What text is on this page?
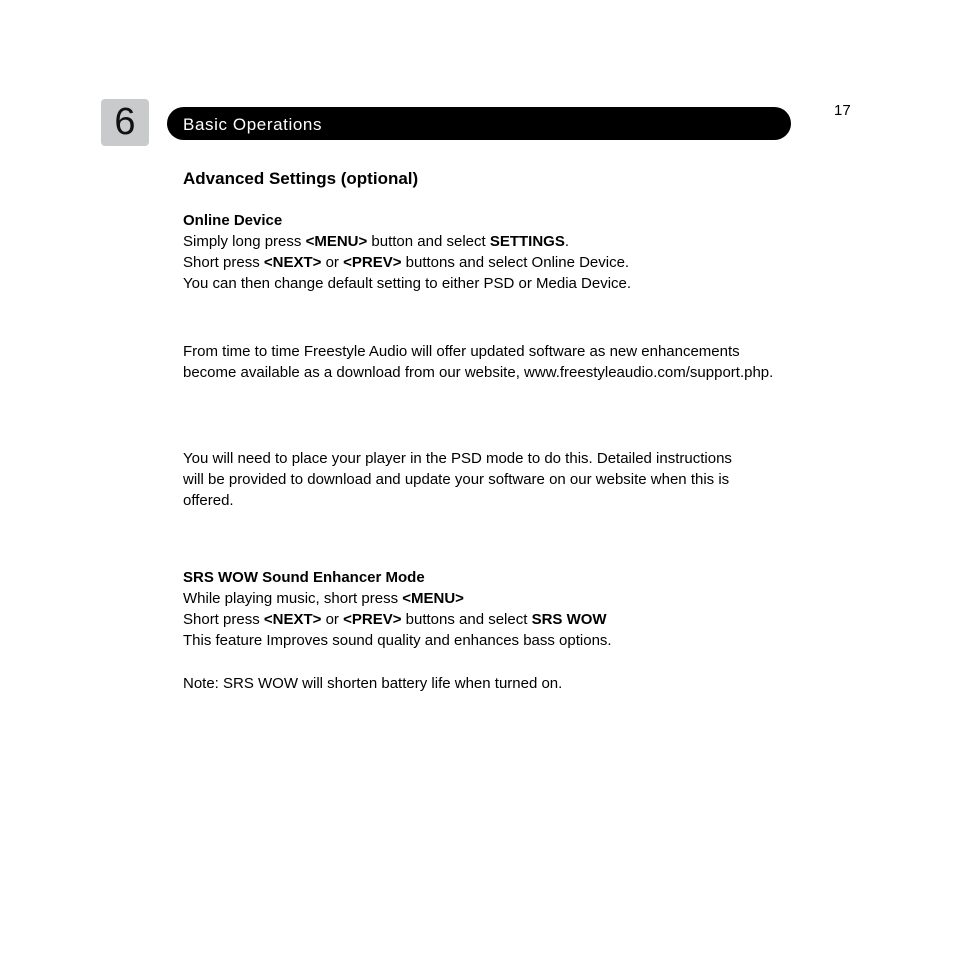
6	Basic Operations
17
Advanced Settings (optional)
Online Device
Simply long press <MENU> button and select SETTINGS.
Short press <NEXT> or <PREV> buttons and select Online Device.
You can then change default setting to either PSD or Media Device.
From time to time Freestyle Audio will offer updated software as new enhancements
become available as a download from our website, www.freestyleaudio.com/support.php.
You will need to place your player in the PSD mode to do this. Detailed instructions
will be provided to download and update your software on our website when this is
offered.
SRS WOW Sound Enhancer Mode
While playing music, short press <MENU>
Short press <NEXT> or <PREV> buttons and select SRS WOW
This feature Improves sound quality and enhances bass options.
Note: SRS WOW will shorten battery life when turned on.
